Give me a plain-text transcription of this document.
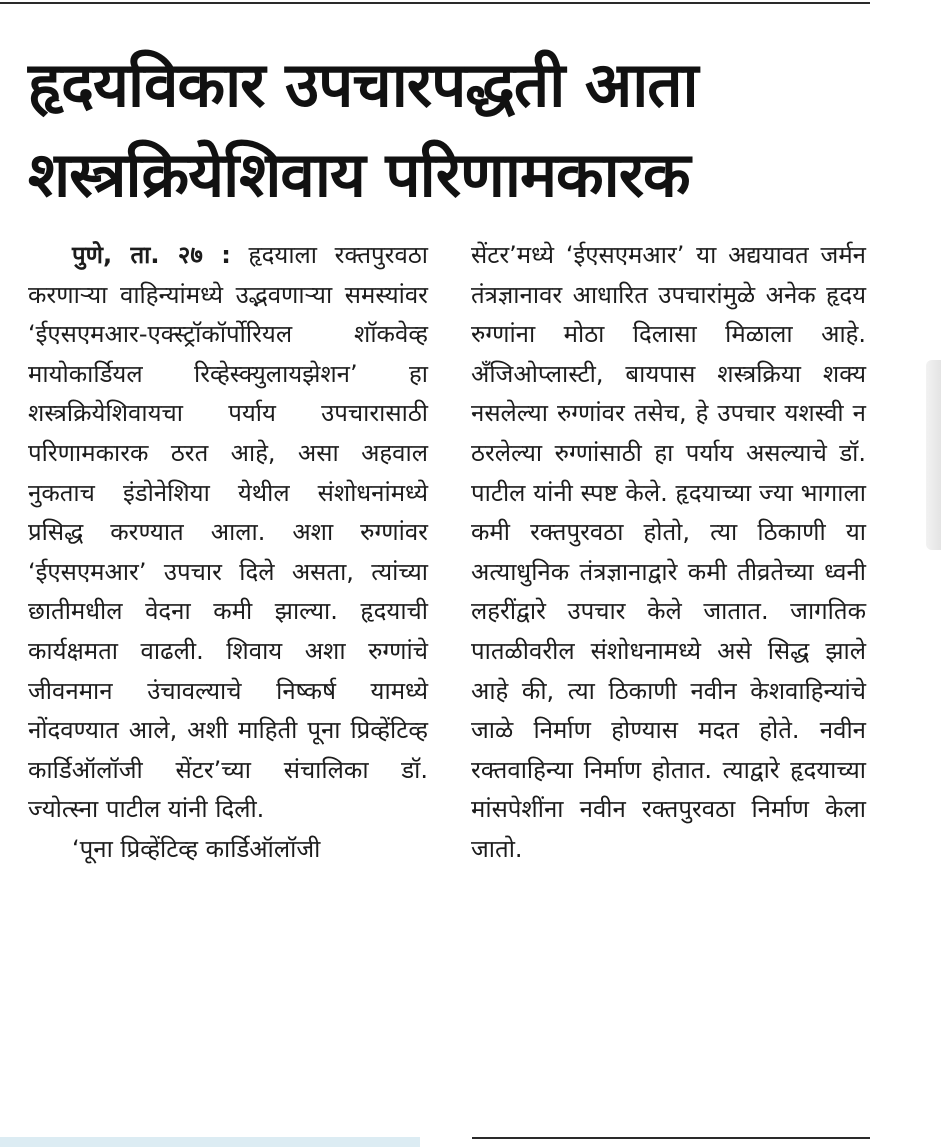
हृदयविकार उपचारपद्धती आता
शस्त्रक्रियेशिवाय परिणामकारक

पुणे, ता. २७ : हृदयाला रक्तपुरवठा करणाऱ्या वाहिन्यांमध्ये उद्भवणाऱ्या समस्यांवर ‘ईएसएमआर-एक्स्ट्रॉकॉर्पोरियल शॉकवेव्ह मायोकार्डियल रिव्हेस्क्युलायझेशन’ हा शस्त्रक्रियेशिवायचा पर्याय उपचारासाठी परिणामकारक ठरत आहे, असा अहवाल नुकताच इंडोनेशिया येथील संशोधनांमध्ये प्रसिद्ध करण्यात आला. अशा रुग्णांवर ‘ईएसएमआर’ उपचार दिले असता, त्यांच्या छातीमधील वेदना कमी झाल्या. हृदयाची कार्यक्षमता वाढली. शिवाय अशा रुग्णांचे जीवनमान उंचावल्याचे निष्कर्ष यामध्ये नोंदवण्यात आले, अशी माहिती पूना प्रिव्हेंटिव्ह कार्डिऑलॉजी सेंटर’च्या संचालिका डॉ. ज्योत्स्ना पाटील यांनी दिली.

‘पूना प्रिव्हेंटिव्ह कार्डिऑलॉजी

सेंटर’मध्ये ‘ईएसएमआर’ या अद्ययावत जर्मन तंत्रज्ञानावर आधारित उपचारांमुळे अनेक हृदय रुग्णांना मोठा दिलासा मिळाला आहे. अँजिओप्लास्टी, बायपास शस्त्रक्रिया शक्य नसलेल्या रुग्णांवर तसेच, हे उपचार यशस्वी न ठरलेल्या रुग्णांसाठी हा पर्याय असल्याचे डॉ. पाटील यांनी स्पष्ट केले. हृदयाच्या ज्या भागाला कमी रक्तपुरवठा होतो, त्या ठिकाणी या अत्याधुनिक तंत्रज्ञानाद्वारे कमी तीव्रतेच्या ध्वनी लहरींद्वारे उपचार केले जातात. जागतिक पातळीवरील संशोधनामध्ये असे सिद्ध झाले आहे की, त्या ठिकाणी नवीन केशवाहिन्यांचे जाळे निर्माण होण्यास मदत होते. नवीन रक्तवाहिन्या निर्माण होतात. त्याद्वारे हृदयाच्या मांसपेशींना नवीन रक्तपुरवठा निर्माण केला जातो.
